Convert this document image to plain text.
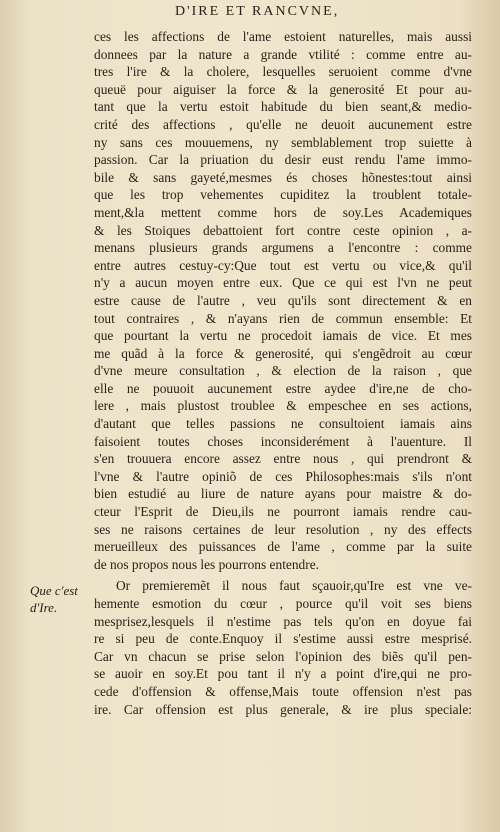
D'IRE ET RANCVNE,
Que c'est
d'Ire.
ces les affections de l'ame estoient naturelles, mais aussi
donnees par la nature a grande vtilité : comme entre au-
tres l'ire & la cholere, lesquelles seruoient comme d'vne
queuë pour aiguiser la force & la generosité Et pour au-
tant que la vertu estoit habitude du bien seant,& medio-
crité des affections , qu'elle ne deuoit aucunement estre
ny sans ces mouuemens, ny semblablement trop suiette à
passion. Car la priuation du desir eust rendu l'ame immo-
bile & sans gayeté,mesmes és choses hõnestes:tout ainsi
que les trop vehementes cupiditez la troublent totale-
ment,&la mettent comme hors de soy.Les Academiques
& les Stoiques debattoient fort contre ceste opinion , a-
menans plusieurs grands argumens a l'encontre : comme
entre autres cestuy-cy:Que tout est vertu ou vice,& qu'il
n'y a aucun moyen entre eux. Que ce qui est l'vn ne peut
estre cause de l'autre , veu qu'ils sont directement & en
tout contraires , & n'ayans rien de commun ensemble: Et
que pourtant la vertu ne procedoit iamais de vice. Et mes
me quãd à la force & generosité, qui s'engẽdroit au cœur
d'vne meure consultation , & election de la raison , que
elle ne pouuoit aucunement estre aydee d'ire,ne de cho-
lere , mais plustost troublee & empeschee en ses actions,
d'autant que telles passions ne consultoient iamais ains
faisoient toutes choses inconsiderément à l'auenture. Il
s'en trouuera encore assez entre nous , qui prendront &
l'vne & l'autre opiniõ de ces Philosophes:mais s'ils n'ont
bien estudié au liure de nature ayans pour maistre & do-
cteur l'Esprit de Dieu,ils ne pourront iamais rendre cau-
ses ne raisons certaines de leur resolution , ny des effects
merueilleux des puissances de l'ame , comme par la suite
de nos propos nous les pourrons entendre.
Or premieremẽt il nous faut sçauoir,qu'Ire est vne ve-
hemente esmotion du cœur , pource qu'il voit ses biens
mesprisez,lesquels il n'estime pas tels qu'on en doyue fai
re si peu de conte.Enquoy il s'estime aussi estre mesprisé.
Car vn chacun se prise selon l'opinion des biẽs qu'il pen-
se auoir en soy.Et pou tant il n'y a point d'ire,qui ne pro-
cede d'offension & offense,Mais toute offension n'est pas
ire. Car offension est plus generale, & ire plus speciale:
